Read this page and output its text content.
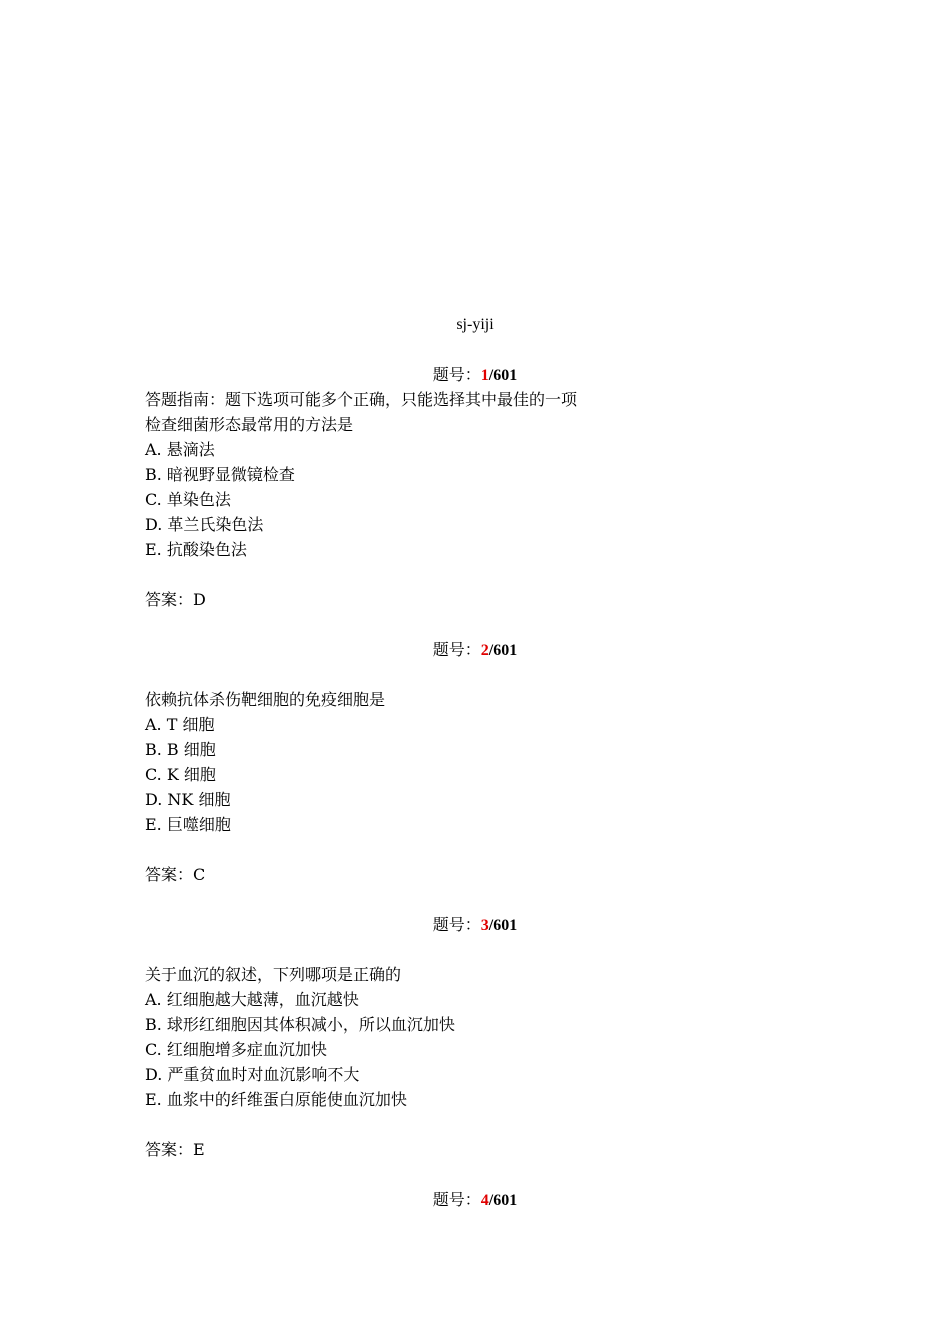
sj-yiji
题号：1/601
答题指南：题下选项可能多个正确，只能选择其中最佳的一项
检查细菌形态最常用的方法是
A. 悬滴法
B. 暗视野显微镜检查
C. 单染色法
D. 革兰氏染色法
E. 抗酸染色法
答案：D
题号：2/601
依赖抗体杀伤靶细胞的免疫细胞是
A. T 细胞
B. B 细胞
C. K 细胞
D. NK 细胞
E. 巨噬细胞
答案：C
题号：3/601
关于血沉的叙述，下列哪项是正确的
A. 红细胞越大越薄，血沉越快
B. 球形红细胞因其体积减小，所以血沉加快
C. 红细胞增多症血沉加快
D. 严重贫血时对血沉影响不大
E. 血浆中的纤维蛋白原能使血沉加快
答案：E
题号：4/601
